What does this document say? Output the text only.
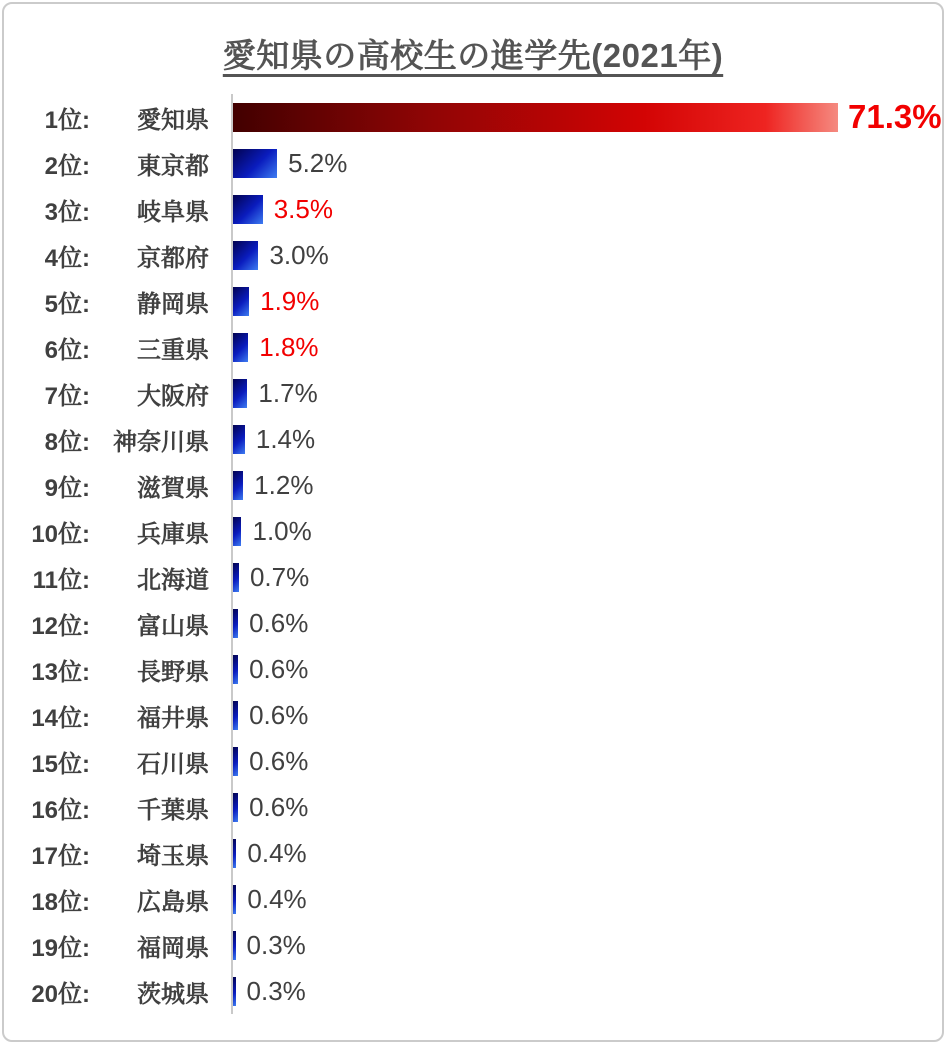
愛知県の高校生の進学先(2021年)
1位:	愛知県	71.3%
2位:	東京都	5.2%
3位:	岐阜県 3.5%
4位:	京都府 3.0%
5位:	静岡県 1.9%
6位:	三重県 1.8%
7位:	大阪府 1.7%
8位: 神奈川県 1.4%
9位:	滋賀県 1.2%
10位:	兵庫県 1.0%
11位:	北海道 0.7%
12位:	富山県 0.6%
13位:	長野県 0.6%
14位:	福井県 0.6%
15位:	石川県 0.6%
16位:	千葉県 0.6%
17位:	埼玉県 0.4%
18位:	広島県 0.4%
19位:	福岡県 0.3%
20位:	茨城県 0.3%
